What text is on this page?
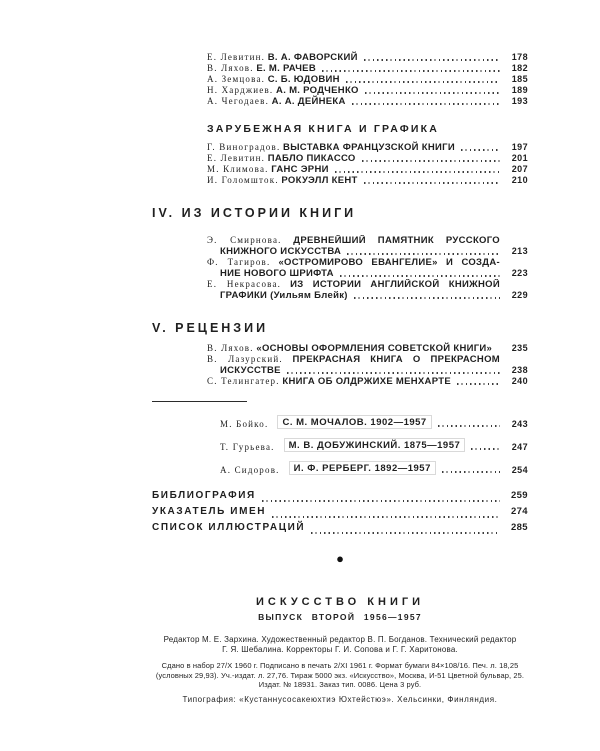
Е. Левитин. В. А. ФАВОРСКИЙ	178
В. Ляхов. Е. М. РАЧЕВ	182
А. Земцова. С. Б. ЮДОВИН	185
Н. Харджиев. А. М. РОДЧЕНКО	189
А. Чегодаев. А. А. ДЕЙНЕКА	193
ЗАРУБЕЖНАЯ КНИГА И ГРАФИКА
Г. Виноградов. ВЫСТАВКА ФРАНЦУЗСКОЙ КНИГИ	197
Е. Левитин. ПАБЛО ПИКАССО	201
М. Климова. ГАНС ЭРНИ	207
И. Голомшток. РОКУЭЛЛ КЕНТ	210
IV. ИЗ ИСТОРИИ КНИГИ
Э. Смирнова. ДРЕВНЕЙШИЙ ПАМЯТНИК РУССКОГО
КНИЖНОГО ИСКУССТВА	213
Ф. Тагиров. «ОСТРОМИРОВО ЕВАНГЕЛИЕ» И СОЗДА-
НИЕ НОВОГО ШРИФТА	223
Е. Некрасова. ИЗ ИСТОРИИ АНГЛИЙСКОЙ КНИЖНОЙ
ГРАФИКИ (Уильям Блейк)	229
V. РЕЦЕНЗИИ
В. Ляхов. «ОСНОВЫ ОФОРМЛЕНИЯ СОВЕТСКОЙ КНИГИ»	235
В. Лазурский. ПРЕКРАСНАЯ КНИГА О ПРЕКРАСНОМ
ИСКУССТВЕ	238
С. Телингатер. КНИГА ОБ ОЛДРЖИХЕ МЕНХАРТЕ	240
М. Бойко.	С. М. МОЧАЛОВ. 1902—1957	243
Т. Гурьева.	М. В. ДОБУЖИНСКИЙ. 1875—1957	247
А. Сидоров.	И. Ф. РЕРБЕРГ. 1892—1957	254
БИБЛИОГРАФИЯ	259
УКАЗАТЕЛЬ ИМЕН	274
СПИСОК ИЛЛЮСТРАЦИЙ	285
●
ИСКУССТВО КНИГИ
ВЫПУСК ВТОРОЙ 1956—1957
Редактор М. Е. Зархина. Художественный редактор В. П. Богданов. Технический редактор Г. Я. Шебалина. Корректоры Г. И. Сопова и Г. Г. Харитонова.
Сдано в набор 27/X 1960 г. Подписано в печать 2/XI 1961 г. Формат бумаги 84×108/16. Печ. л. 18,25 (условных 29,93). Уч.-издат. л. 27,76. Тираж 5000 экз. «Искусство», Москва, И-51 Цветной бульвар, 25. Издат. № 18931. Заказ тип. 0086. Цена 3 руб.
Типография: «Кустаннусосакеюхтиэ Юхтейстюэ». Хельсинки, Финляндия.
